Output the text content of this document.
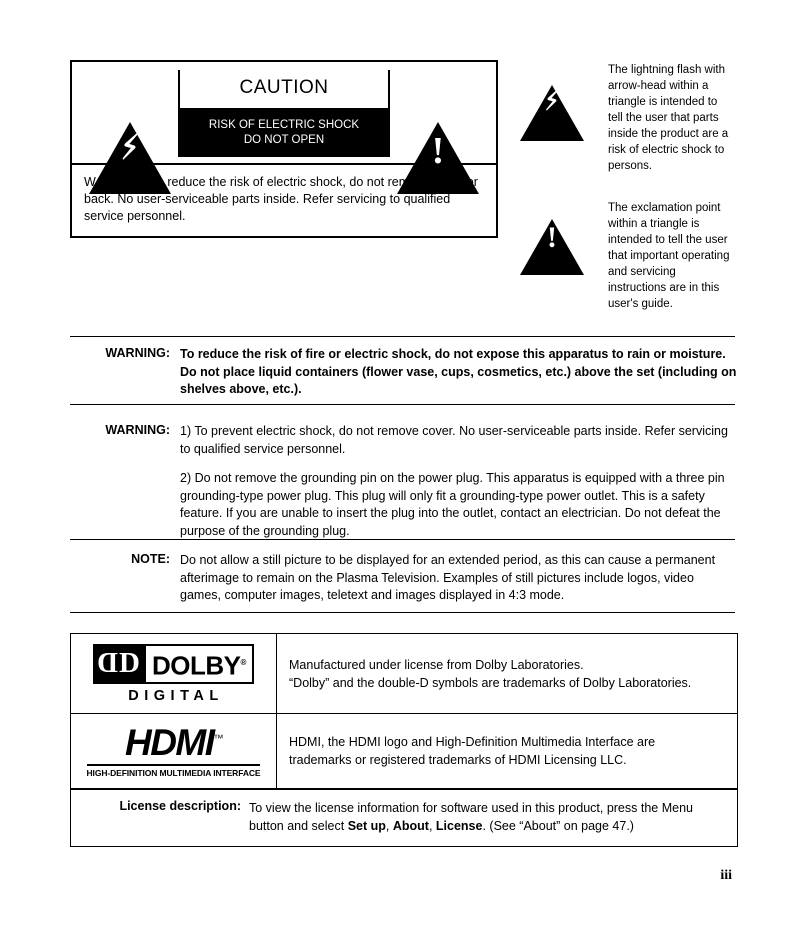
⚡︎
CAUTION
RISK OF ELECTRIC SHOCK
DO NOT OPEN	!
WARNING: To reduce the risk of electric shock, do not remove cover or back. No user-serviceable parts inside. Refer servicing to qualified service personnel.
⚡︎
!
The lightning flash with arrow-head within a triangle is intended to tell the user that parts inside the product are a risk of electric shock to persons.
The exclamation point within a triangle is intended to tell the user that important operating and servicing instructions are in this user's guide.
WARNING: To reduce the risk of fire or electric shock, do not expose this apparatus to rain or moisture. Do not place liquid containers (flower vase, cups, cosmetics, etc.) above the set (including on shelves above, etc.).

WARNING: 1) To prevent electric shock, do not remove cover. No user-serviceable parts inside. Refer servicing to qualified service personnel.

2) Do not remove the grounding pin on the power plug. This apparatus is equipped with a three pin grounding-type power plug. This plug will only fit a grounding-type power outlet. This is a safety feature. If you are unable to insert the plug into the outlet, contact an electrician. Do not defeat the purpose of the grounding plug.

NOTE: Do not allow a still picture to be displayed for an extended period, as this can cause a permanent afterimage to remain on the Plasma Television. Examples of still pictures include logos, video games, computer images, teletext and images displayed in 4:3 mode.

D D DOLBY®
DIGITAL
Manufactured under license from Dolby Laboratories.
“Dolby” and the double-D symbols are trademarks of Dolby Laboratories.
HDMI™
HIGH-DEFINITION MULTIMEDIA INTERFACE
HDMI, the HDMI logo and High-Definition Multimedia Interface are
trademarks or registered trademarks of HDMI Licensing LLC.
License description: To view the license information for software used in this product, press the Menu button and select Set up, About, License. (See “About” on page 47.)
iii
